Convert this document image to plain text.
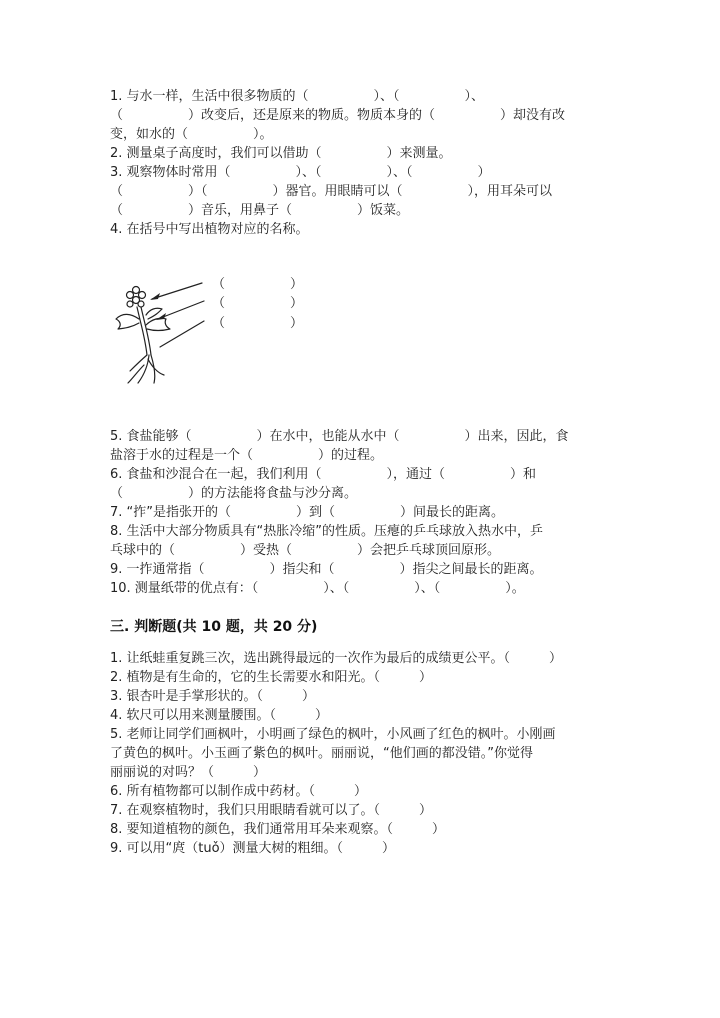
1. 与水一样，生活中很多物质的（　　　　　）、（　　　　　）、
（　　　　　）改变后，还是原来的物质。物质本身的（　　　　　）却没有改
变，如水的（　　　　　）。
2. 测量桌子高度时，我们可以借助（　　　　　）来测量。
3. 观察物体时常用（　　　　　）、（　　　　　）、（　　　　　）
（　　　　　）（　　　　　）器官。用眼睛可以（　　　　　），用耳朵可以
（　　　　　）音乐，用鼻子（　　　　　）饭菜。
4. 在括号中写出植物对应的名称。
（　　　　　）
（　　　　　）
（　　　　　）
5. 食盐能够（　　　　　）在水中，也能从水中（　　　　　）出来，因此，食
盐溶于水的过程是一个（　　　　　）的过程。
6. 食盐和沙混合在一起，我们利用（　　　　　），通过（　　　　　）和
（　　　　　）的方法能将食盐与沙分离。
7. “拃”是指张开的（　　　　　）到（　　　　　）间最长的距离。
8. 生活中大部分物质具有“热胀冷缩”的性质。压瘪的乒乓球放入热水中，乒
乓球中的（　　　　　）受热（　　　　　）会把乒乓球顶回原形。
9. 一拃通常指（　　　　　）指尖和（　　　　　）指尖之间最长的距离。
10. 测量纸带的优点有：（　　　　　）、（　　　　　）、（　　　　　）。
三. 判断题(共 10 题，共 20 分)
1. 让纸蛙重复跳三次，选出跳得最远的一次作为最后的成绩更公平。（　　　）
2. 植物是有生命的，它的生长需要水和阳光。（　　　）
3. 银杏叶是手掌形状的。（　　　）
4. 软尺可以用来测量腰围。（　　　）
5. 老师让同学们画枫叶，小明画了绿色的枫叶，小风画了红色的枫叶。小刚画
了黄色的枫叶。小玉画了紫色的枫叶。丽丽说，“他们画的都没错。”你觉得
丽丽说的对吗？（　　　）
6. 所有植物都可以制作成中药材。（　　　）
7. 在观察植物时，我们只用眼睛看就可以了。（　　　）
8. 要知道植物的颜色，我们通常用耳朵来观察。（　　　）
9. 可以用“庹（tuǒ）测量大树的粗细。（　　　）
